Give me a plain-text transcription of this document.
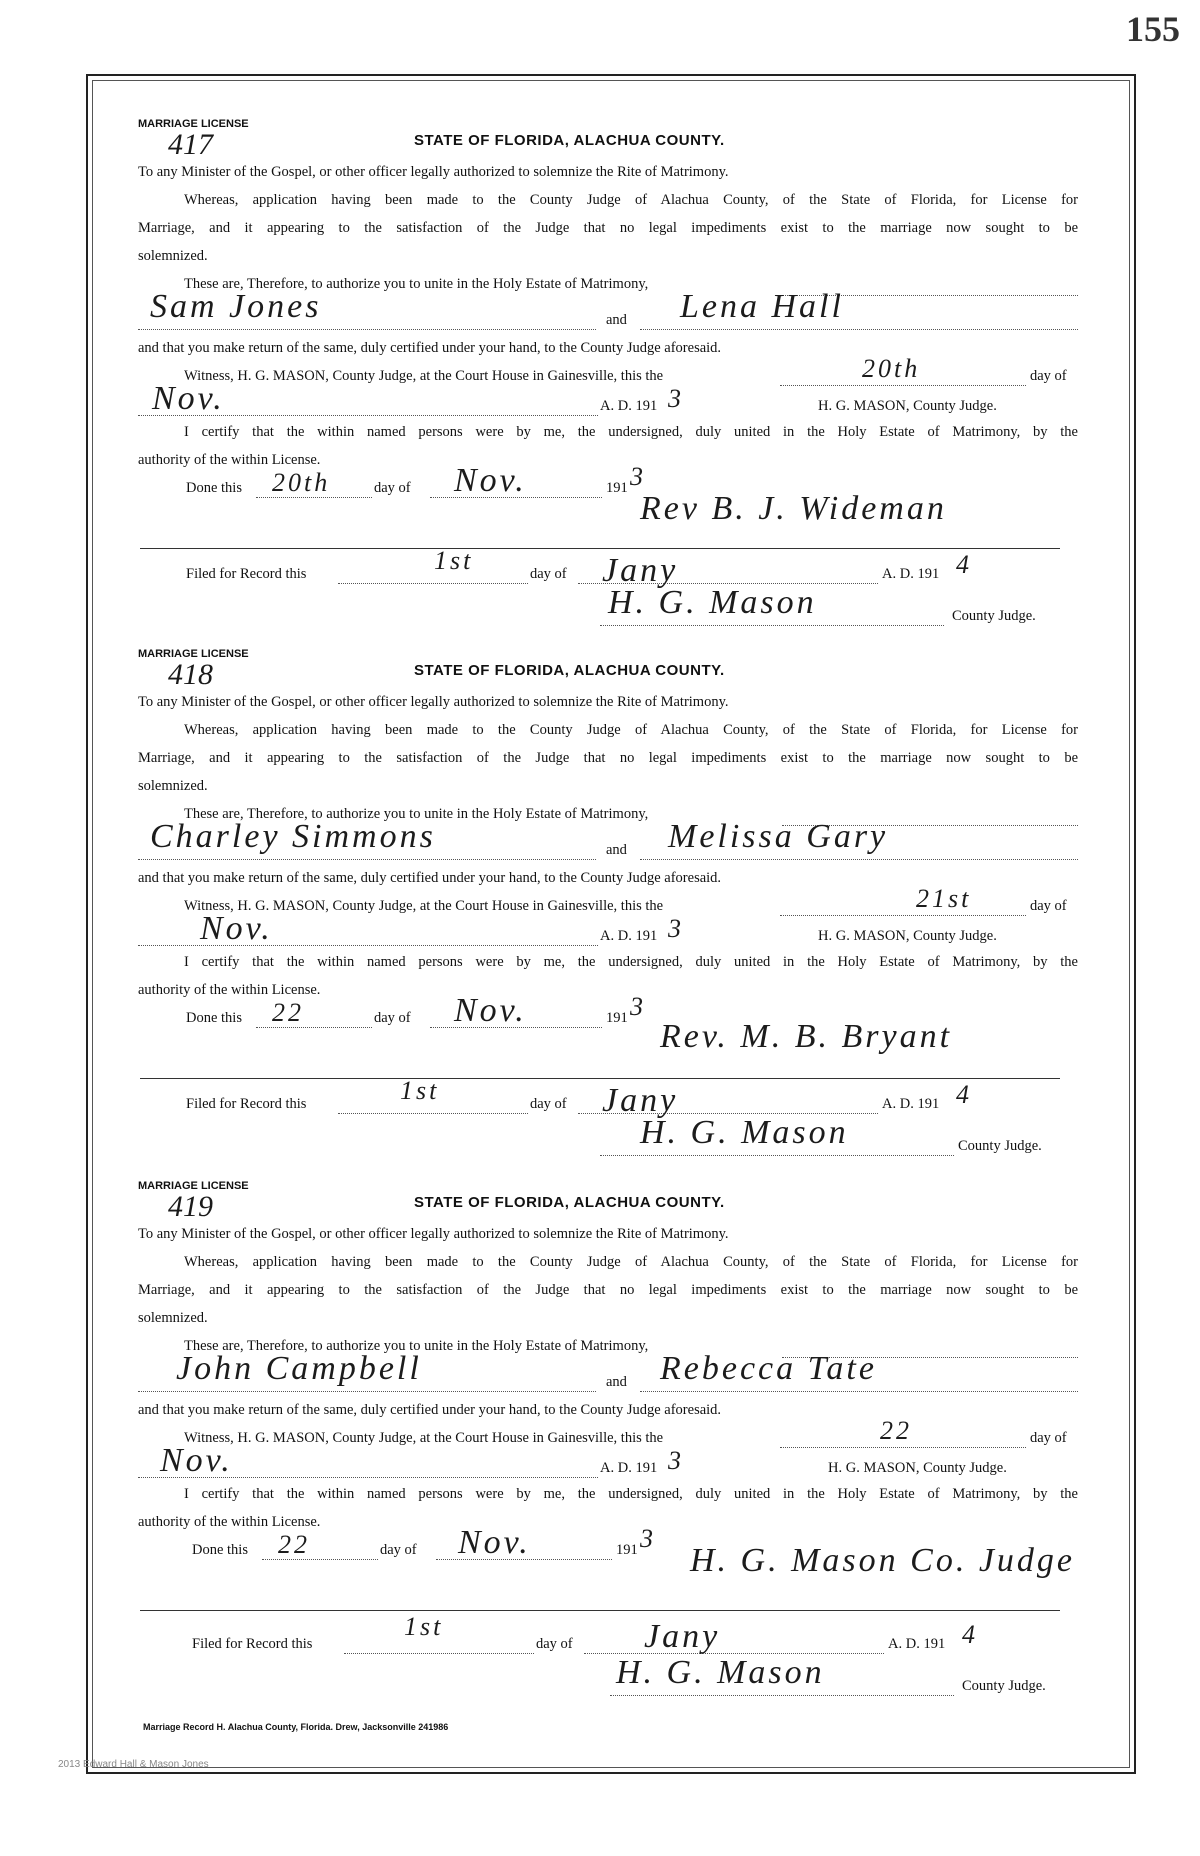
155
MARRIAGE LICENSE
417	STATE OF FLORIDA, ALACHUA COUNTY.
To any Minister of the Gospel, or other officer legally authorized to solemnize the Rite of Matrimony.
Whereas, application having been made to the County Judge of Alachua County, of the State of Florida, for License for
Marriage, and it appearing to the satisfaction of the Judge that no legal impediments exist to the marriage now sought to be
solemnized.
These are, Therefore, to authorize you to unite in the Holy Estate of Matrimony,
Sam Jones	and Lena Hall
and that you make return of the same, duly certified under your hand, to the County Judge aforesaid.
Witness, H. G. MASON, County Judge, at the Court House in Gainesville, this the	20th	day of
Nov.	A. D. 191 3	H. G. MASON, County Judge.
I certify that the within named persons were by me, the undersigned, duly united in the Holy Estate of Matrimony, by the
authority of the within License.
Done this 20th	day of Nov.	191 3
Rev B. J. Wideman
Filed for Record this	1st	day of Jany	A. D. 191 4
H. G. Mason	County Judge.
MARRIAGE LICENSE
418	STATE OF FLORIDA, ALACHUA COUNTY.
To any Minister of the Gospel, or other officer legally authorized to solemnize the Rite of Matrimony.
Whereas, application having been made to the County Judge of Alachua County, of the State of Florida, for License for
Marriage, and it appearing to the satisfaction of the Judge that no legal impediments exist to the marriage now sought to be
solemnized.
These are, Therefore, to authorize you to unite in the Holy Estate of Matrimony,
Charley Simmons	and Melissa Gary
and that you make return of the same, duly certified under your hand, to the County Judge aforesaid.
Witness, H. G. MASON, County Judge, at the Court House in Gainesville, this the	21st	day of
Nov.	A. D. 191 3	H. G. MASON, County Judge.
I certify that the within named persons were by me, the undersigned, duly united in the Holy Estate of Matrimony, by the
authority of the within License.
Done this 22	day of Nov.	191 3
Rev. M. B. Bryant
Filed for Record this	1st	day of Jany	A. D. 191 4
H. G. Mason	County Judge.
MARRIAGE LICENSE
419	STATE OF FLORIDA, ALACHUA COUNTY.
To any Minister of the Gospel, or other officer legally authorized to solemnize the Rite of Matrimony.
Whereas, application having been made to the County Judge of Alachua County, of the State of Florida, for License for
Marriage, and it appearing to the satisfaction of the Judge that no legal impediments exist to the marriage now sought to be
solemnized.
These are, Therefore, to authorize you to unite in the Holy Estate of Matrimony,
John Campbell	and Rebecca Tate
and that you make return of the same, duly certified under your hand, to the County Judge aforesaid.
Witness, H. G. MASON, County Judge, at the Court House in Gainesville, this the	22	day of
Nov.	A. D. 191 3	H. G. MASON, County Judge.
I certify that the within named persons were by me, the undersigned, duly united in the Holy Estate of Matrimony, by the
authority of the within License.
Done this 22	day of Nov.	191 3
H. G. Mason Co. Judge
Filed for Record this
1st
day of Jany	A. D. 191 4
H. G. Mason	County Judge.
Marriage Record H. Alachua County, Florida. Drew, Jacksonville 241986
2013 Edward Hall & Mason Jones
